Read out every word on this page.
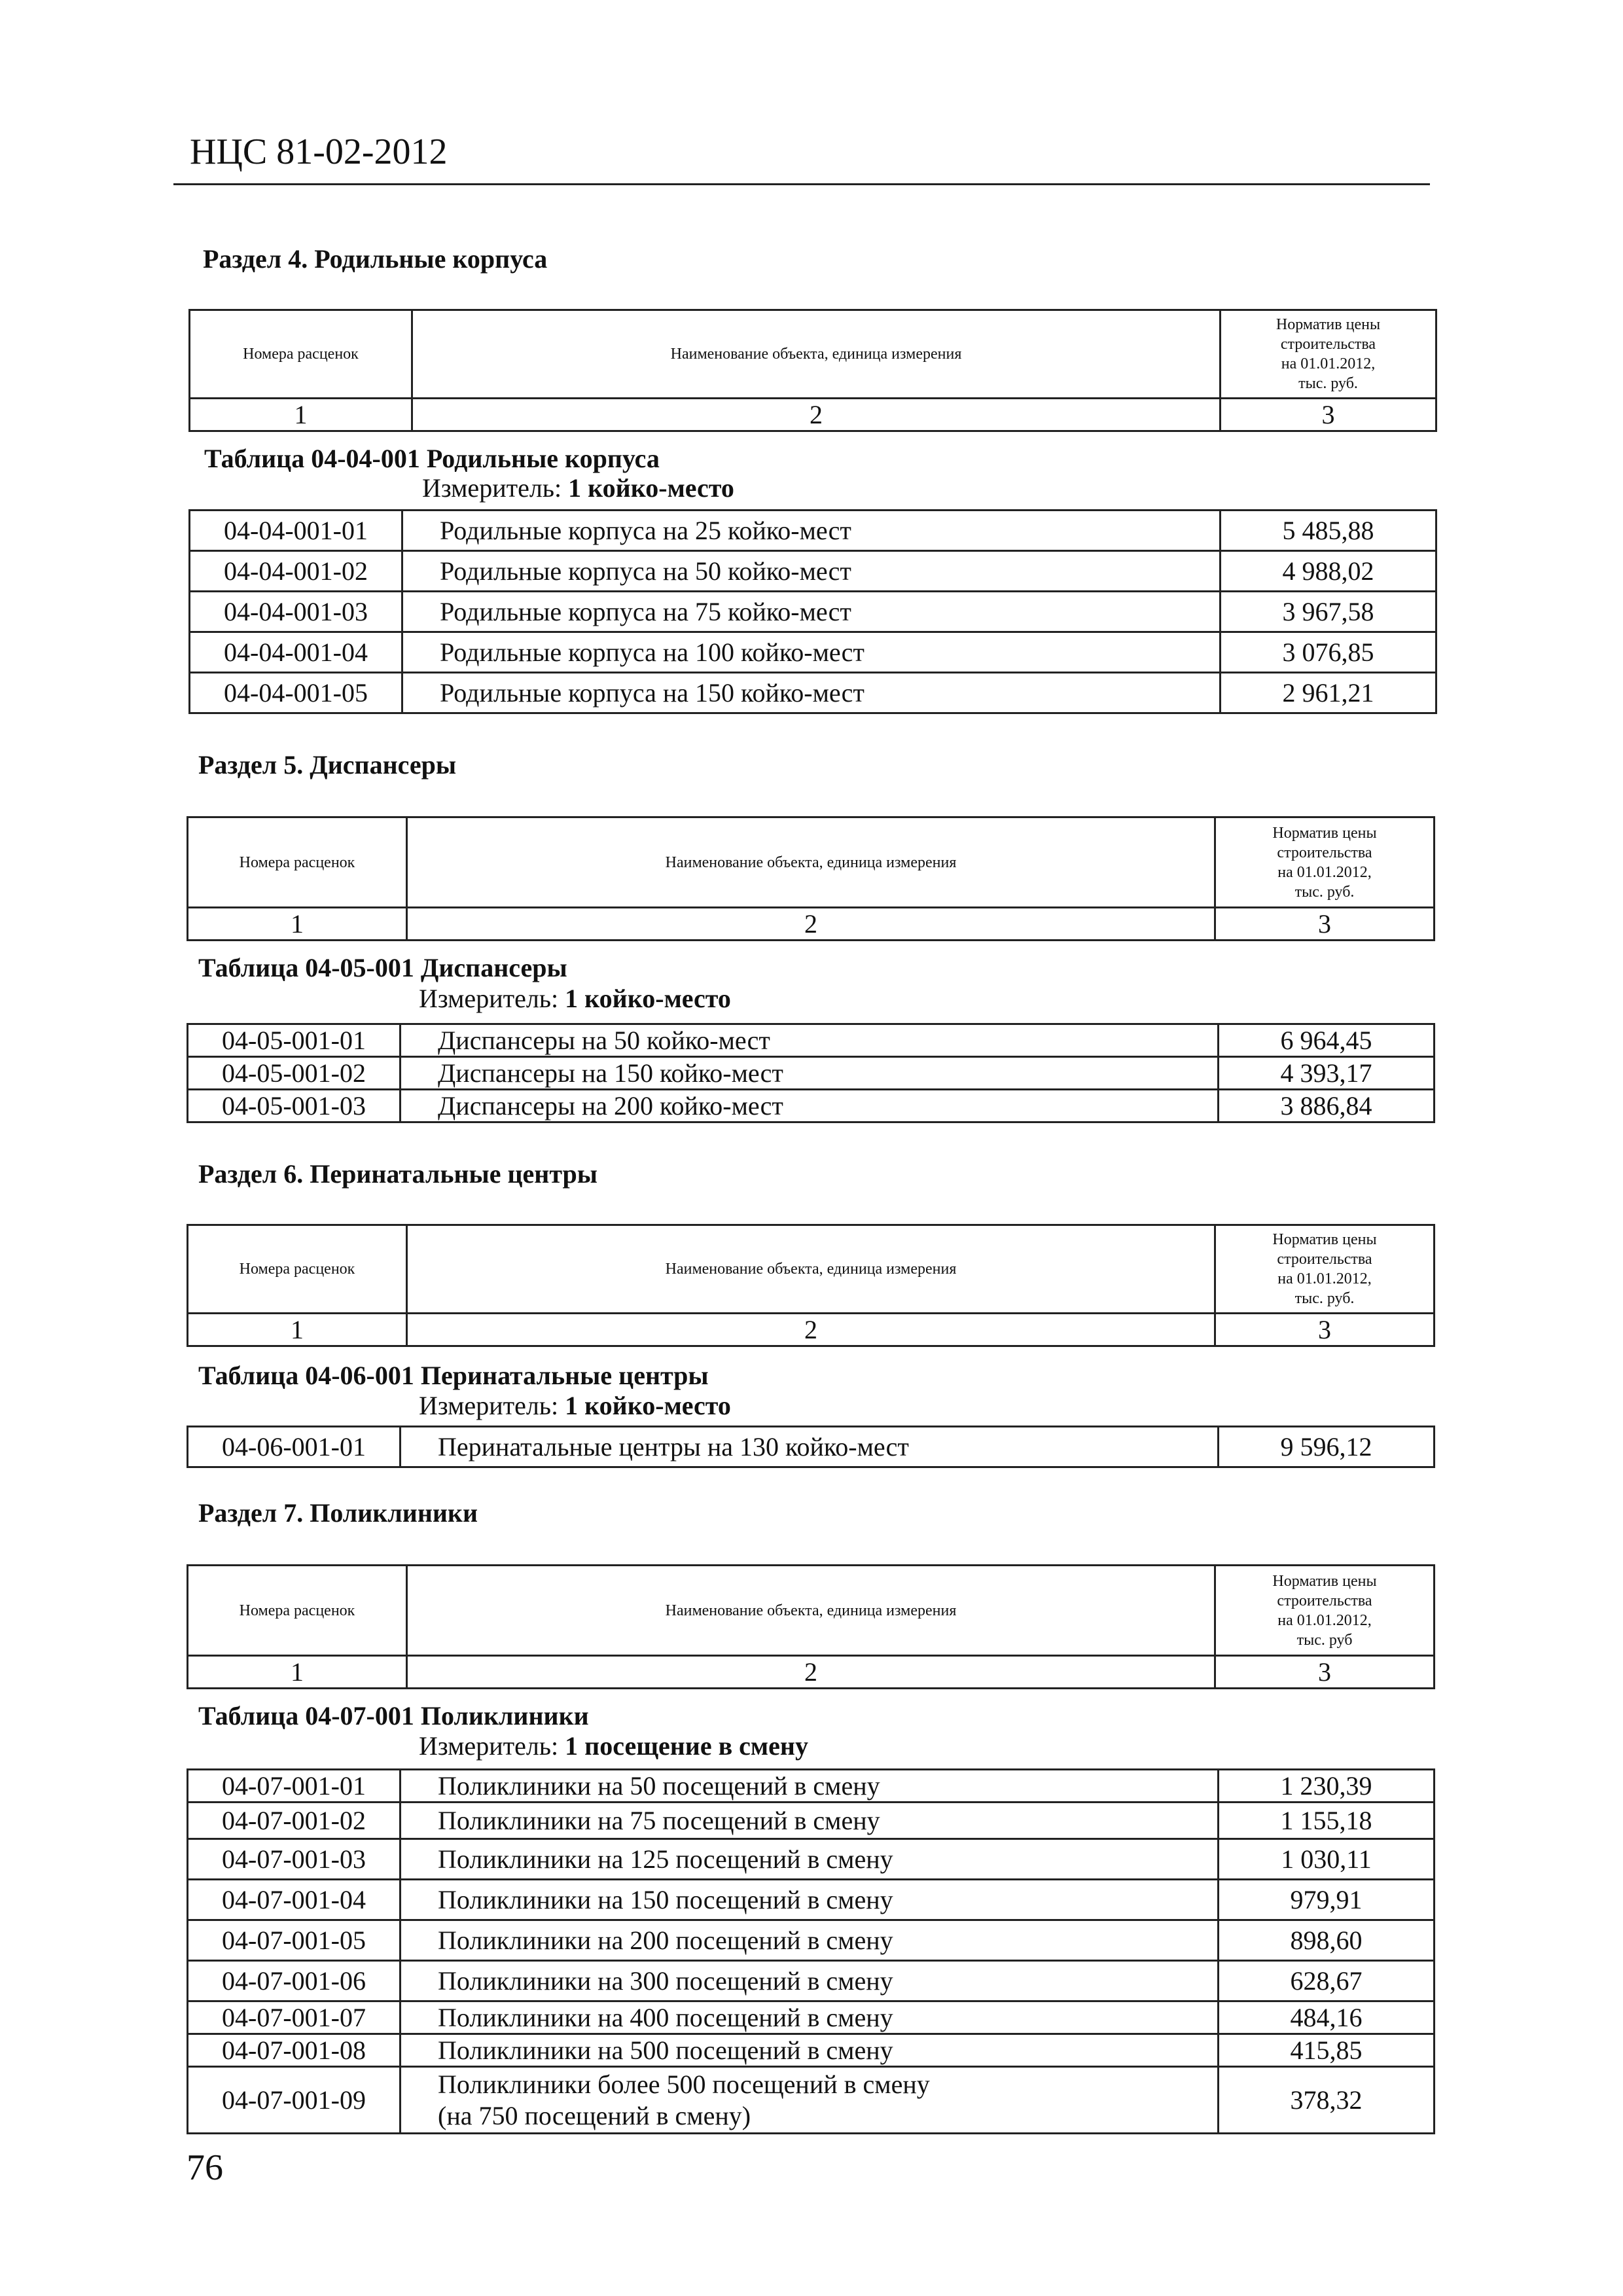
НЦС 81-02-2012
Раздел 4. Родильные корпуса
Номера расценок	Наименование объекта, единица измерения	Норматив цены
строительства
на 01.01.2012,
тыс. руб.

1	2	3
Таблица 04-04-001 Родильные корпуса
Измеритель: 1 койко-место
04-04-001-01	Родильные корпуса на 25 койко-мест	5 485,88
04-04-001-02	Родильные корпуса на 50 койко-мест	4 988,02
04-04-001-03	Родильные корпуса на 75 койко-мест	3 967,58
04-04-001-04	Родильные корпуса на 100 койко-мест	3 076,85
04-04-001-05	Родильные корпуса на 150 койко-мест	2 961,21
Раздел 5. Диспансеры
Номера расценок	Наименование объекта, единица измерения	Норматив цены
строительства
на 01.01.2012,
тыс. руб.

1	2	3
Таблица 04-05-001 Диспансеры
Измеритель: 1 койко-место
04-05-001-01	Диспансеры на 50 койко-мест	6 964,45
04-05-001-02	Диспансеры на 150 койко-мест	4 393,17
04-05-001-03	Диспансеры на 200 койко-мест	3 886,84
Раздел 6. Перинатальные центры
Номера расценок	Наименование объекта, единица измерения	Норматив цены
строительства
на 01.01.2012,
тыс. руб.

1	2	3
Таблица 04-06-001 Перинатальные центры
Измеритель: 1 койко-место
04-06-001-01	Перинатальные центры на 130 койко-мест	9 596,12
Раздел 7. Поликлиники
Номера расценок	Наименование объекта, единица измерения	Норматив цены
строительства
на 01.01.2012,
тыс. руб

1	2	3
Таблица 04-07-001 Поликлиники
Измеритель: 1 посещение в смену
04-07-001-01	Поликлиники на 50 посещений в смену	1 230,39
04-07-001-02	Поликлиники на 75 посещений в смену	1 155,18
04-07-001-03	Поликлиники на 125 посещений в смену	1 030,11
04-07-001-04	Поликлиники на 150 посещений в смену	979,91
04-07-001-05	Поликлиники на 200 посещений в смену	898,60
04-07-001-06	Поликлиники на 300 посещений в смену	628,67
04-07-001-07	Поликлиники на 400 посещений в смену	484,16
04-07-001-08	Поликлиники на 500 посещений в смену	415,85
04-07-001-09	Поликлиники более 500 посещений в смену
(на 750 посещений в смену)	378,32
76
